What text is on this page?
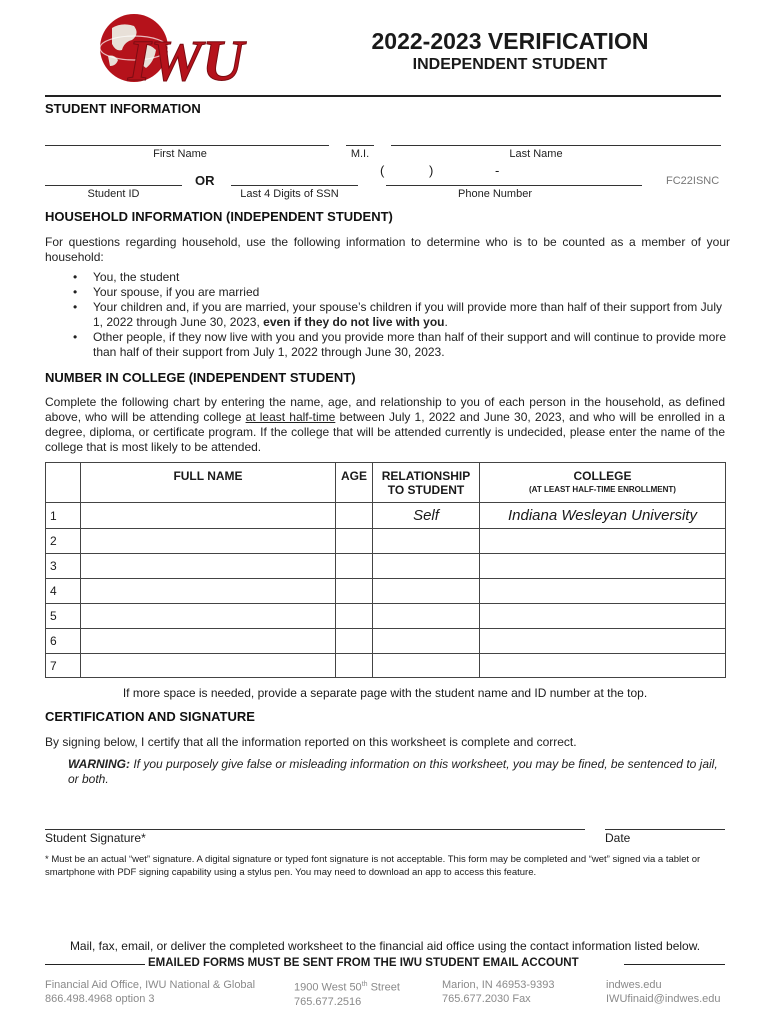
IWU	2022-2023 VERIFICATION
INDEPENDENT STUDENT
STUDENT INFORMATION
First Name	M.I.	Last Name
Student ID
OR
Last 4 Digits of SSN
(	)	-
Phone Number
FC22ISNC
HOUSEHOLD INFORMATION (INDEPENDENT STUDENT)
For questions regarding household, use the following information to determine who is to be counted as a member of your household:
• You, the student
• Your spouse, if you are married
• Your children and, if you are married, your spouse’s children if you will provide more than half of their support from July 1, 2022 through June 30, 2023, even if they do not live with you.
• Other people, if they now live with you and you provide more than half of their support and will continue to provide more than half of their support from July 1, 2022 through June 30, 2023.
NUMBER IN COLLEGE (INDEPENDENT STUDENT)
Complete the following chart by entering the name, age, and relationship to you of each person in the household, as defined above, who will be attending college at least half-time between July 1, 2022 and June 30, 2023, and who will be enrolled in a degree, diploma, or certificate program. If the college that will be attended currently is undecided, please enter the name of the college that is most likely to be attended.
	FULL NAME	AGE	RELATIONSHIP TO STUDENT	COLLEGE
(AT LEAST HALF-TIME ENROLLMENT)

1			Self	Indiana Wesleyan University
2				
3				
4				
5				
6				
7				
If more space is needed, provide a separate page with the student name and ID number at the top.
CERTIFICATION AND SIGNATURE
By signing below, I certify that all the information reported on this worksheet is complete and correct.
WARNING: If you purposely give false or misleading information on this worksheet, you may be fined, be sentenced to jail, or both.
Student Signature*	Date
* Must be an actual “wet” signature. A digital signature or typed font signature is not acceptable. This form may be completed and “wet” signed via a tablet or smartphone with PDF signing capability using a stylus pen. You may need to download an app to access this feature.
Mail, fax, email, or deliver the completed worksheet to the financial aid office using the contact information listed below.
EMAILED FORMS MUST BE SENT FROM THE IWU STUDENT EMAIL ACCOUNT
Financial Aid Office, IWU National & Global
866.498.4968 option 3
1900 West 50th Street
765.677.2516
Marion, IN 46953-9393
765.677.2030 Fax
indwes.edu
IWUfinaid@indwes.edu
